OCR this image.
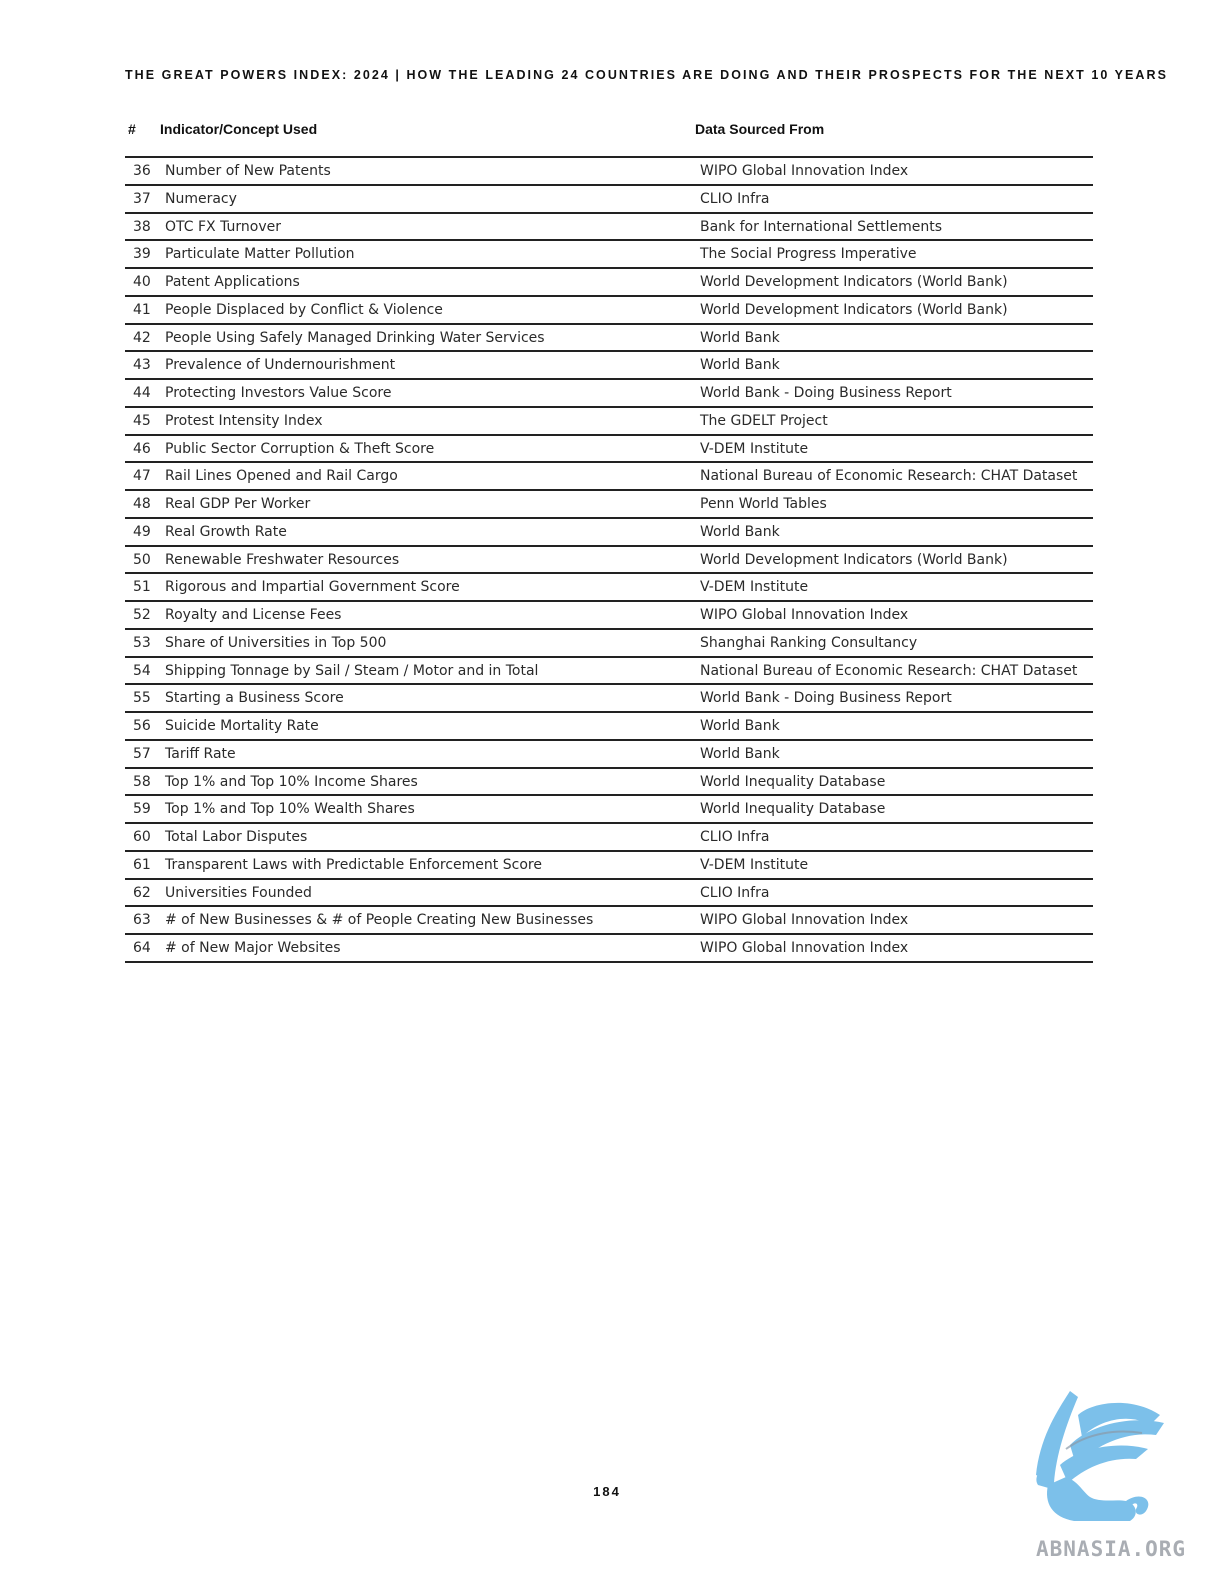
THE GREAT POWERS INDEX: 2024 | HOW THE LEADING 24 COUNTRIES ARE DOING AND THEIR PROSPECTS FOR THE NEXT 10 YEARS
# Indicator/Concept Used	Data Sourced From
36 Number of New Patents	WIPO Global Innovation Index
37 Numeracy	CLIO Infra
38 OTC FX Turnover	Bank for International Settlements
39 Particulate Matter Pollution	The Social Progress Imperative
40 Patent Applications	World Development Indicators (World Bank)
41 People Displaced by Conflict & Violence	World Development Indicators (World Bank)
42 People Using Safely Managed Drinking Water Services	World Bank
43 Prevalence of Undernourishment	World Bank
44 Protecting Investors Value Score	World Bank - Doing Business Report
45 Protest Intensity Index	The GDELT Project
46 Public Sector Corruption & Theft Score	V-DEM Institute
47 Rail Lines Opened and Rail Cargo	National Bureau of Economic Research: CHAT Dataset
48 Real GDP Per Worker	Penn World Tables
49 Real Growth Rate	World Bank
50 Renewable Freshwater Resources	World Development Indicators (World Bank)
51 Rigorous and Impartial Government Score	V-DEM Institute
52 Royalty and License Fees	WIPO Global Innovation Index
53 Share of Universities in Top 500	Shanghai Ranking Consultancy
54 Shipping Tonnage by Sail / Steam / Motor and in Total	National Bureau of Economic Research: CHAT Dataset
55 Starting a Business Score	World Bank - Doing Business Report
56 Suicide Mortality Rate	World Bank
57 Tariff Rate	World Bank
58 Top 1% and Top 10% Income Shares	World Inequality Database
59 Top 1% and Top 10% Wealth Shares	World Inequality Database
60 Total Labor Disputes	CLIO Infra
61 Transparent Laws with Predictable Enforcement Score	V-DEM Institute
62 Universities Founded	CLIO Infra
63 # of New Businesses & # of People Creating New Businesses	WIPO Global Innovation Index
64 # of New Major Websites	WIPO Global Innovation Index
184
ABNASIA.ORG
